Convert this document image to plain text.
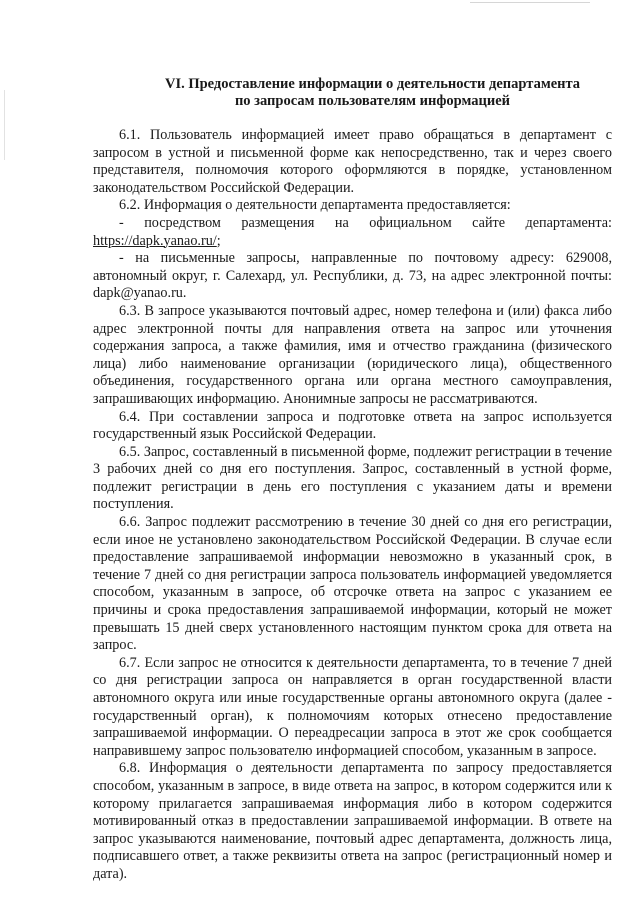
VI. Предоставление информации о деятельности департамента
по запросам пользователям информацией

6.1. Пользователь информацией имеет право обращаться в департамент с запросом в устной и письменной форме как непосредственно, так и через своего представителя, полномочия которого оформляются в порядке, установленном законодательством Российской Федерации.

6.2. Информация о деятельности департамента предоставляется:

- посредством размещения на официальном сайте департамента: https://dapk.yanao.ru/;

- на письменные запросы, направленные по почтовому адресу: 629008, автономный округ, г. Салехард, ул. Республики, д. 73, на адрес электронной почты: dapk@yanao.ru.

6.3. В запросе указываются почтовый адрес, номер телефона и (или) факса либо адрес электронной почты для направления ответа на запрос или уточнения содержания запроса, а также фамилия, имя и отчество гражданина (физического лица) либо наименование организации (юридического лица), общественного объединения, государственного органа или органа местного самоуправления, запрашивающих информацию. Анонимные запросы не рассматриваются.

6.4. При составлении запроса и подготовке ответа на запрос используется государственный язык Российской Федерации.

6.5. Запрос, составленный в письменной форме, подлежит регистрации в течение 3 рабочих дней со дня его поступления. Запрос, составленный в устной форме, подлежит регистрации в день его поступления с указанием даты и времени поступления.

6.6. Запрос подлежит рассмотрению в течение 30 дней со дня его регистрации, если иное не установлено законодательством Российской Федерации. В случае если предоставление запрашиваемой информации невозможно в указанный срок, в течение 7 дней со дня регистрации запроса пользователь информацией уведомляется способом, указанным в запросе, об отсрочке ответа на запрос с указанием ее причины и срока предоставления запрашиваемой информации, который не может превышать 15 дней сверх установленного настоящим пунктом срока для ответа на запрос.

6.7. Если запрос не относится к деятельности департамента, то в течение 7 дней со дня регистрации запроса он направляется в орган государственной власти автономного округа или иные государственные органы автономного округа (далее - государственный орган), к полномочиям которых отнесено предоставление запрашиваемой информации. О переадресации запроса в этот же срок сообщается направившему запрос пользователю информацией способом, указанным в запросе.

6.8. Информация о деятельности департамента по запросу предоставляется способом, указанным в запросе, в виде ответа на запрос, в котором содержится или к которому прилагается запрашиваемая информация либо в котором содержится мотивированный отказ в предоставлении запрашиваемой информации. В ответе на запрос указываются наименование, почтовый адрес департамента, должность лица, подписавшего ответ, а также реквизиты ответа на запрос (регистрационный номер и дата).
